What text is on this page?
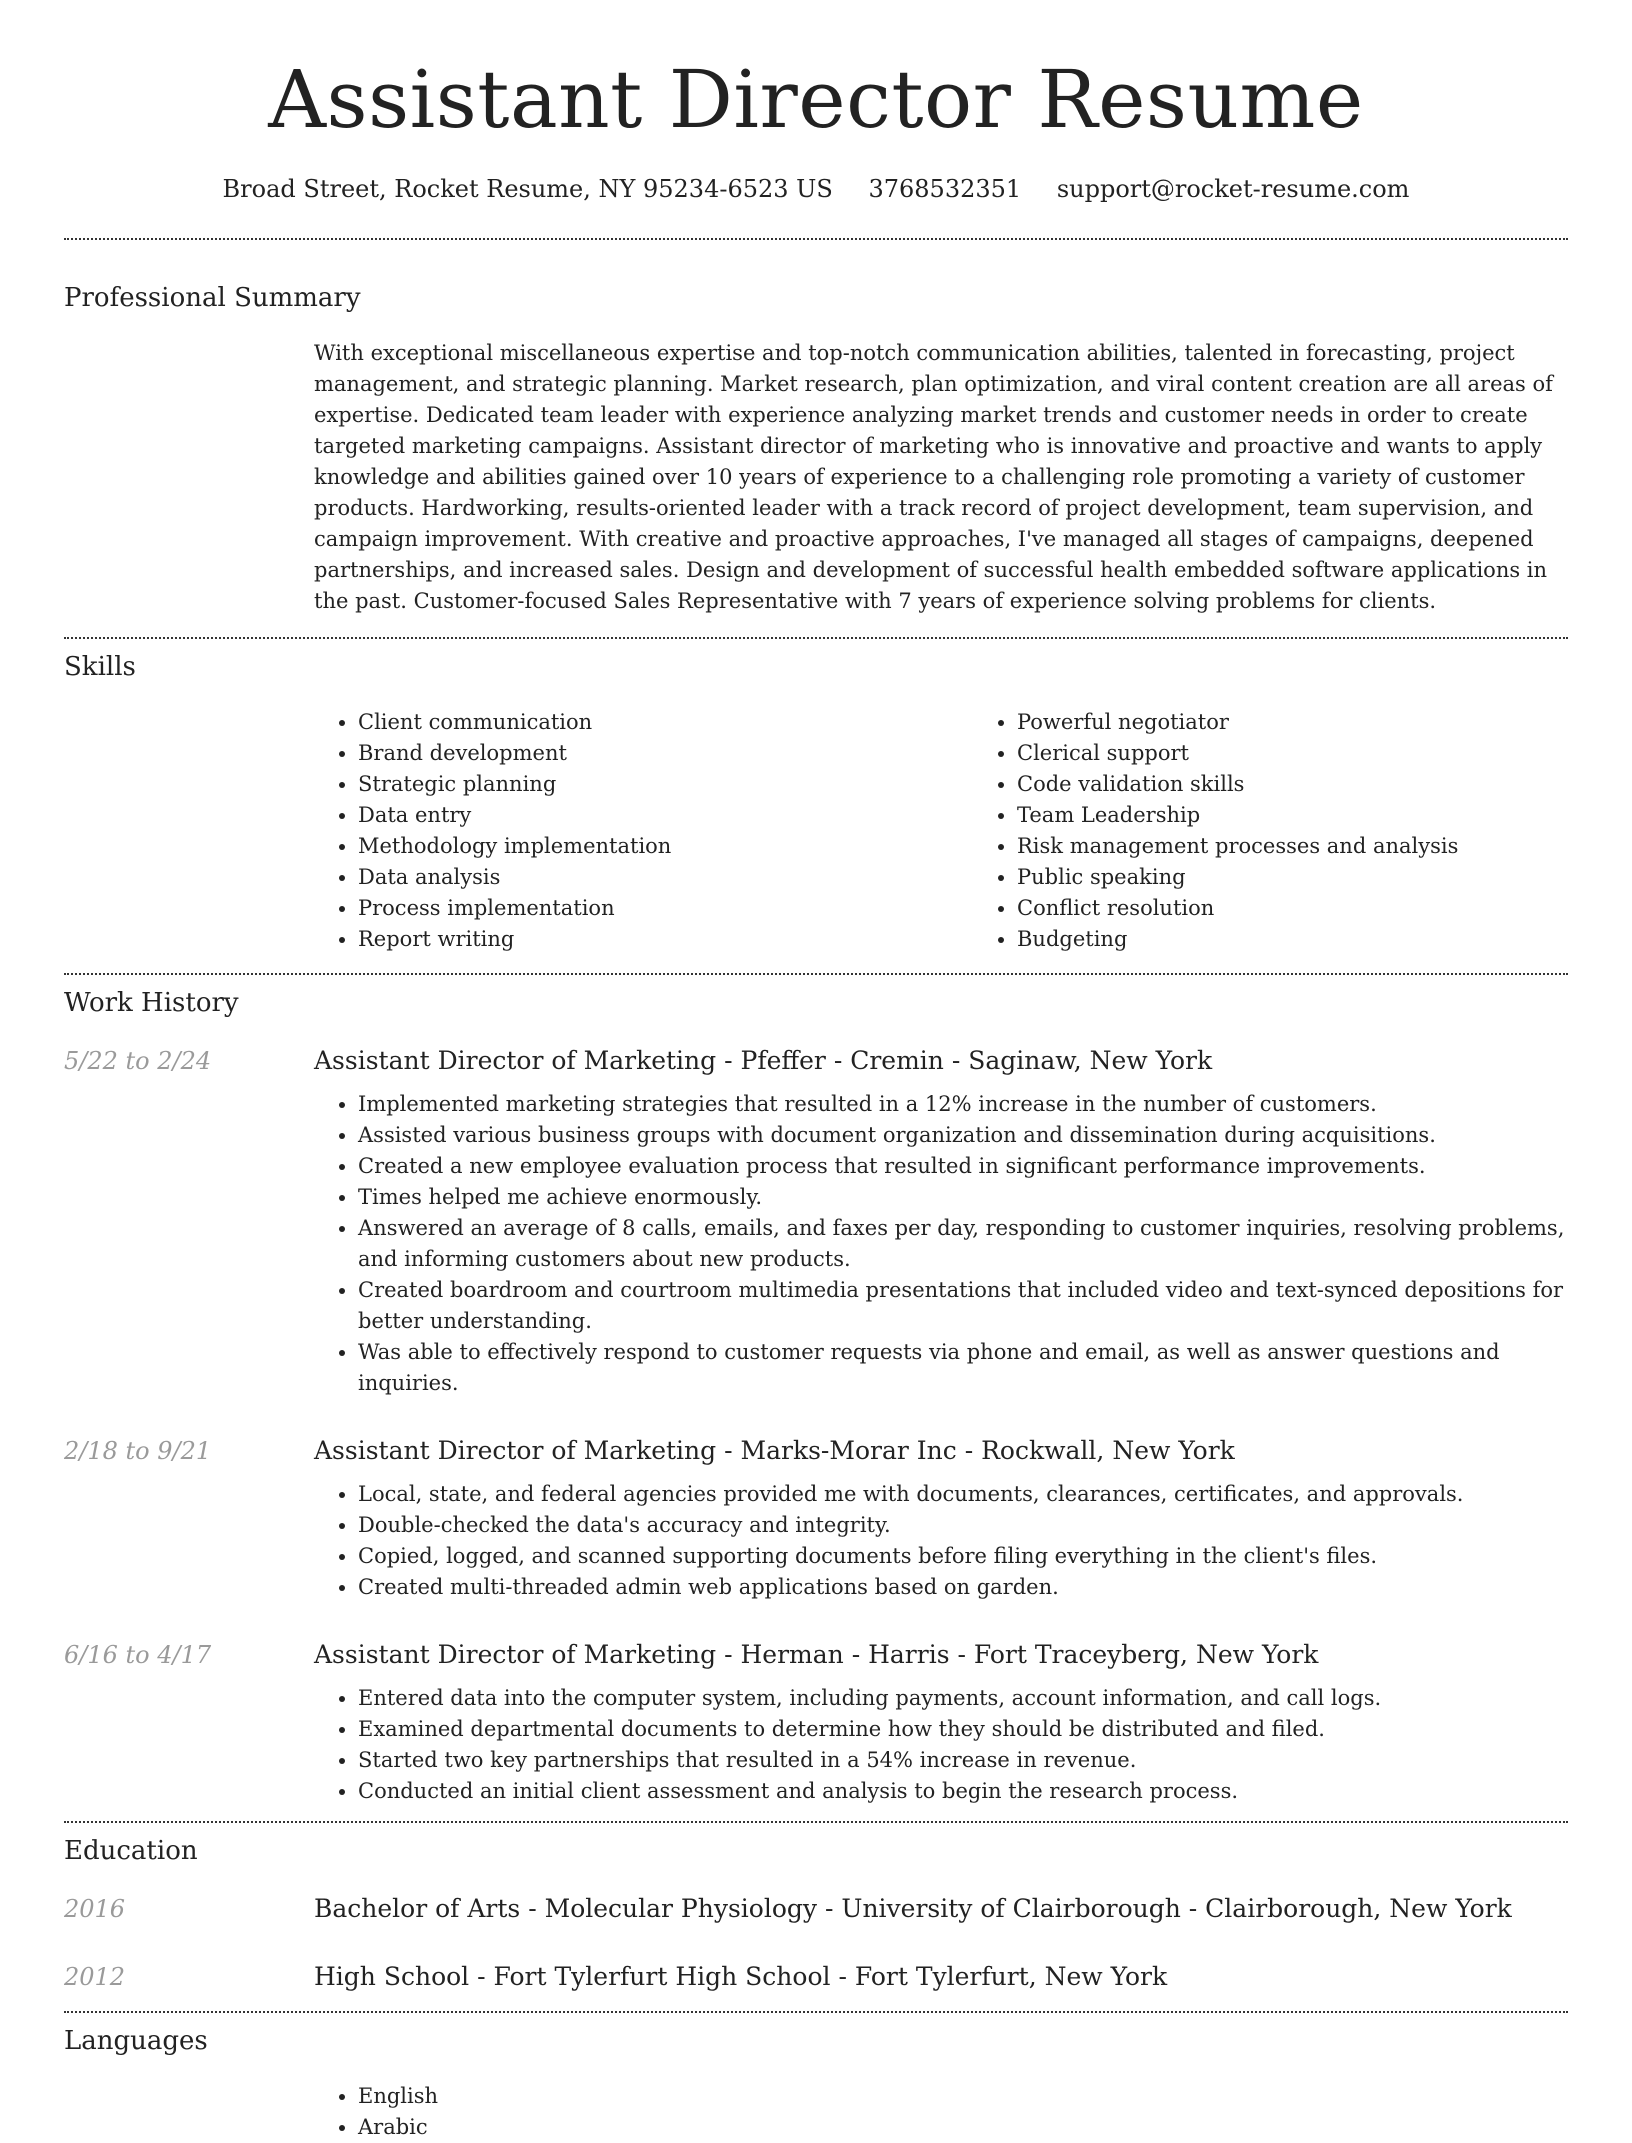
Assistant Director Resume
Broad Street, Rocket Resume, NY 95234-6523 US 3768532351 support@rocket-resume.com
Professional Summary

With exceptional miscellaneous expertise and top-notch communication abilities, talented in forecasting, project management, and strategic planning. Market research, plan optimization, and viral content creation are all areas of expertise. Dedicated team leader with experience analyzing market trends and customer needs in order to create targeted marketing campaigns. Assistant director of marketing who is innovative and proactive and wants to apply knowledge and abilities gained over 10 years of experience to a challenging role promoting a variety of customer products. Hardworking, results-oriented leader with a track record of project development, team supervision, and campaign improvement. With creative and proactive approaches, I've managed all stages of campaigns, deepened partnerships, and increased sales. Design and development of successful health embedded software applications in the past. Customer-focused Sales Representative with 7 years of experience solving problems for clients.

Skills
• Client communication
• Brand development
• Strategic planning
• Data entry
• Methodology implementation
• Data analysis
• Process implementation
• Report writing
• Powerful negotiator
• Clerical support
• Code validation skills
• Team Leadership
• Risk management processes and analysis
• Public speaking
• Conflict resolution
• Budgeting
Work History
5/22 to 2/24	Assistant Director of Marketing - Pfeffer - Cremin - Saginaw, New York
• Implemented marketing strategies that resulted in a 12% increase in the number of customers.
• Assisted various business groups with document organization and dissemination during acquisitions.
• Created a new employee evaluation process that resulted in significant performance improvements.
• Times helped me achieve enormously.
• Answered an average of 8 calls, emails, and faxes per day, responding to customer inquiries, resolving problems, and informing customers about new products.
• Created boardroom and courtroom multimedia presentations that included video and text-synced depositions for better understanding.
• Was able to effectively respond to customer requests via phone and email, as well as answer questions and inquiries.
2/18 to 9/21	Assistant Director of Marketing - Marks-Morar Inc - Rockwall, New York
• Local, state, and federal agencies provided me with documents, clearances, certificates, and approvals.
• Double-checked the data's accuracy and integrity.
• Copied, logged, and scanned supporting documents before filing everything in the client's files.
• Created multi-threaded admin web applications based on garden.
6/16 to 4/17	Assistant Director of Marketing - Herman - Harris - Fort Traceyberg, New York
• Entered data into the computer system, including payments, account information, and call logs.
• Examined departmental documents to determine how they should be distributed and filed.
• Started two key partnerships that resulted in a 54% increase in revenue.
• Conducted an initial client assessment and analysis to begin the research process.
Education
2016	Bachelor of Arts - Molecular Physiology - University of Clairborough - Clairborough, New York
2012	High School - Fort Tylerfurt High School - Fort Tylerfurt, New York
Languages
• English
• Arabic
